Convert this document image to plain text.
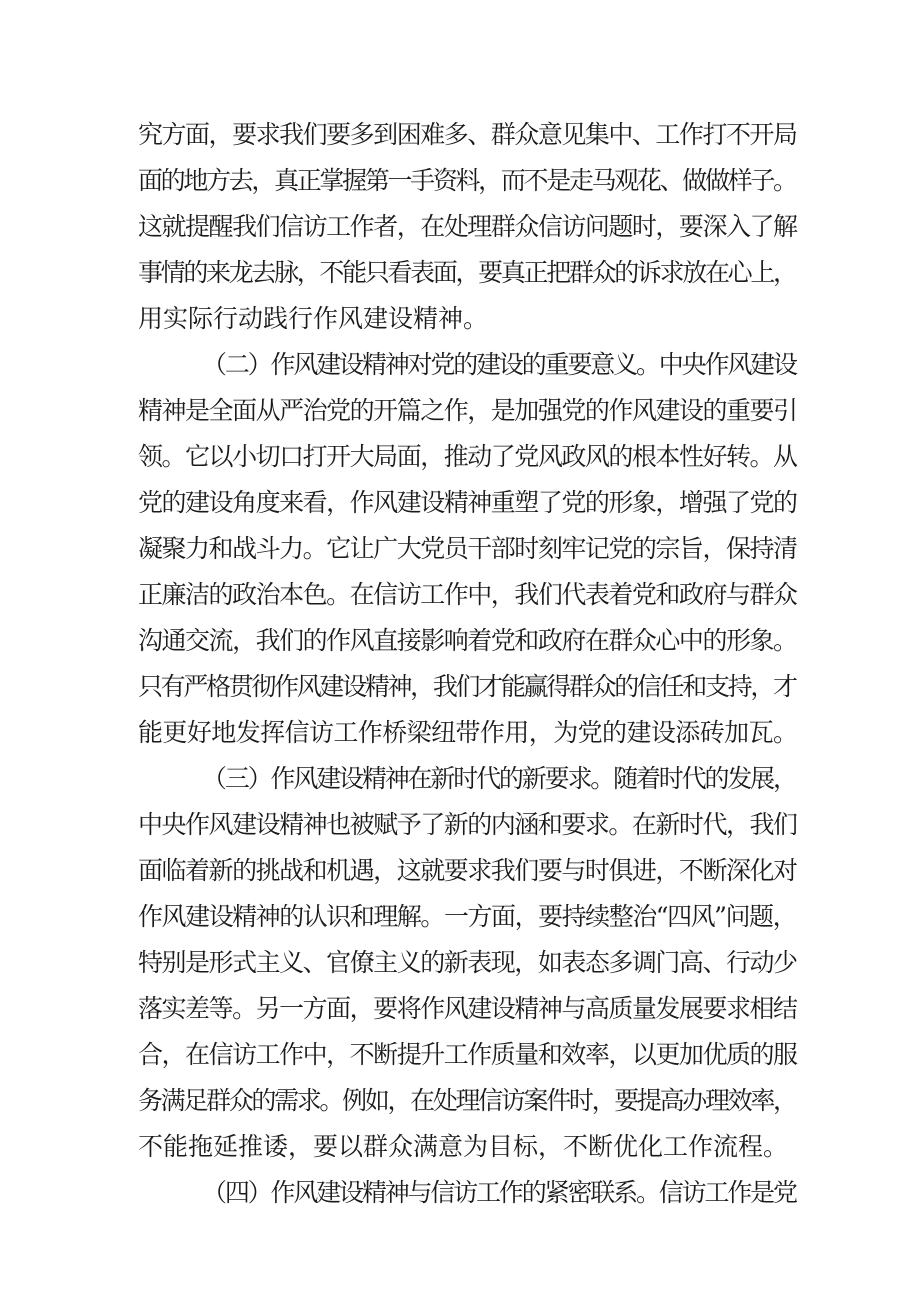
究方面，要求我们要多到困难多、群众意见集中、工作打不开局
面的地方去，真正掌握第一手资料，而不是走马观花、做做样子。
这就提醒我们信访工作者，在处理群众信访问题时，要深入了解
事情的来龙去脉，不能只看表面，要真正把群众的诉求放在心上，
用实际行动践行作风建设精神。
（二）作风建设精神对党的建设的重要意义。中央作风建设
精神是全面从严治党的开篇之作，是加强党的作风建设的重要引
领。它以小切口打开大局面，推动了党风政风的根本性好转。从
党的建设角度来看，作风建设精神重塑了党的形象，增强了党的
凝聚力和战斗力。它让广大党员干部时刻牢记党的宗旨，保持清
正廉洁的政治本色。在信访工作中，我们代表着党和政府与群众
沟通交流，我们的作风直接影响着党和政府在群众心中的形象。
只有严格贯彻作风建设精神，我们才能赢得群众的信任和支持，才
能更好地发挥信访工作桥梁纽带作用，为党的建设添砖加瓦。
（三）作风建设精神在新时代的新要求。随着时代的发展，
中央作风建设精神也被赋予了新的内涵和要求。在新时代，我们
面临着新的挑战和机遇，这就要求我们要与时俱进，不断深化对
作风建设精神的认识和理解。一方面，要持续整治“四风”问题，
特别是形式主义、官僚主义的新表现，如表态多调门高、行动少
落实差等。另一方面，要将作风建设精神与高质量发展要求相结
合，在信访工作中，不断提升工作质量和效率，以更加优质的服
务满足群众的需求。例如，在处理信访案件时，要提高办理效率，
不能拖延推诿，要以群众满意为目标，不断优化工作流程。
（四）作风建设精神与信访工作的紧密联系。信访工作是党
